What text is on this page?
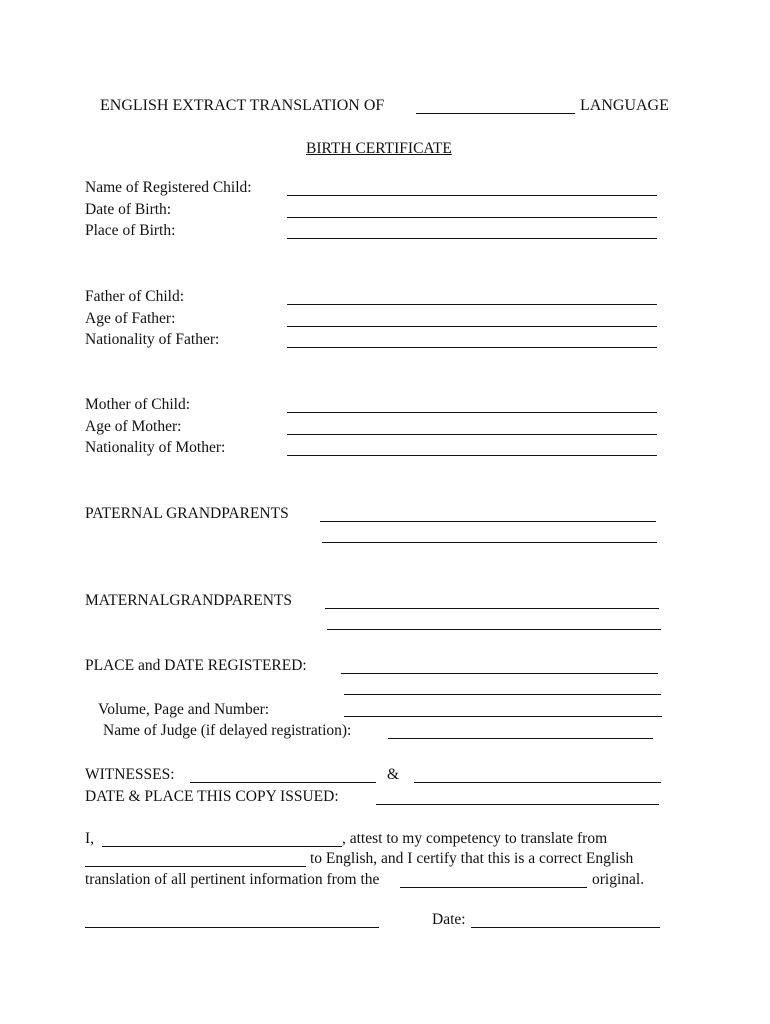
ENGLISH EXTRACT TRANSLATION OF	LANGUAGE
BIRTH CERTIFICATE
Name of Registered Child:
Date of Birth:
Place of Birth:
Father of Child:
Age of Father:
Nationality of Father:
Mother of Child:
Age of Mother:
Nationality of Mother:
PATERNAL GRANDPARENTS
MATERNALGRANDPARENTS
PLACE and DATE REGISTERED:
Volume, Page and Number:
Name of Judge (if delayed registration):
WITNESSES:	&
DATE & PLACE THIS COPY ISSUED:
I,	, attest to my competency to translate from
to English, and I certify that this is a correct English
translation of all pertinent information from the	original.
Date:
